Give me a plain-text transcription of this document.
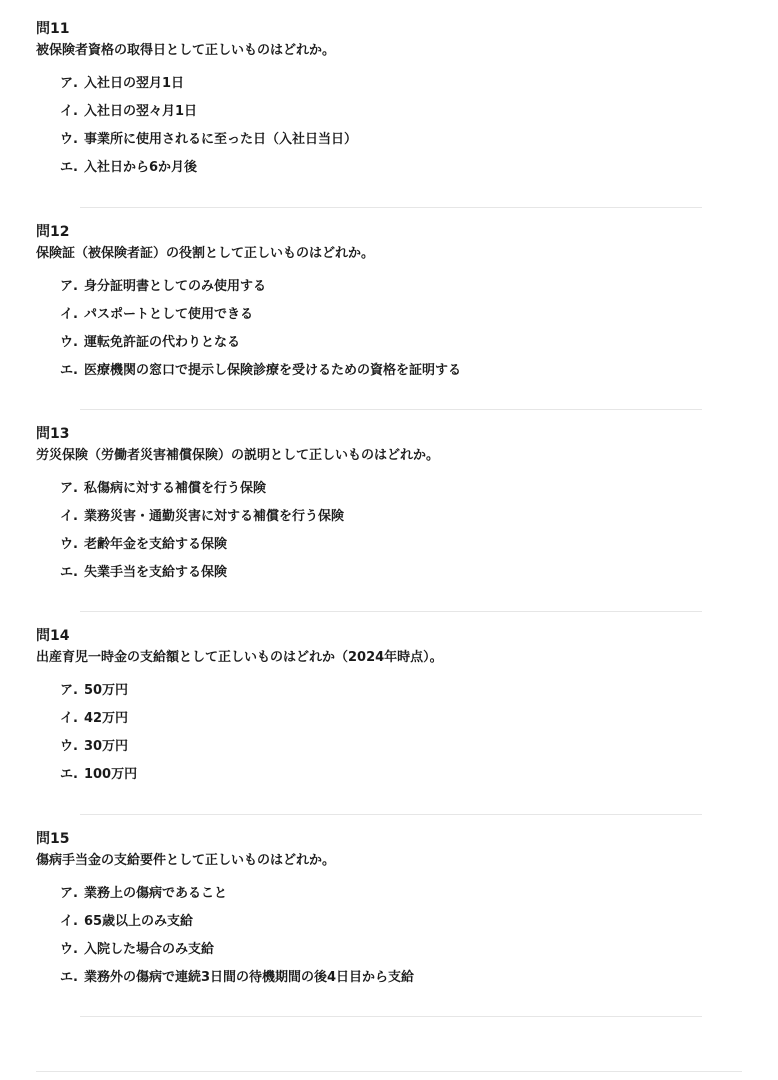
問11
被保険者資格の取得日として正しいものはどれか。
ア. 入社日の翌月1日
イ. 入社日の翌々月1日
ウ. 事業所に使用されるに至った日（入社日当日）
エ. 入社日から6か月後
問12
保険証（被保険者証）の役割として正しいものはどれか。
ア. 身分証明書としてのみ使用する
イ. パスポートとして使用できる
ウ. 運転免許証の代わりとなる
エ. 医療機関の窓口で提示し保険診療を受けるための資格を証明する
問13
労災保険（労働者災害補償保険）の説明として正しいものはどれか。
ア. 私傷病に対する補償を行う保険
イ. 業務災害・通勤災害に対する補償を行う保険
ウ. 老齢年金を支給する保険
エ. 失業手当を支給する保険
問14
出産育児一時金の支給額として正しいものはどれか（2024年時点）。
ア. 50万円
イ. 42万円
ウ. 30万円
エ. 100万円
問15
傷病手当金の支給要件として正しいものはどれか。
ア. 業務上の傷病であること
イ. 65歳以上のみ支給
ウ. 入院した場合のみ支給
エ. 業務外の傷病で連続3日間の待機期間の後4日目から支給
